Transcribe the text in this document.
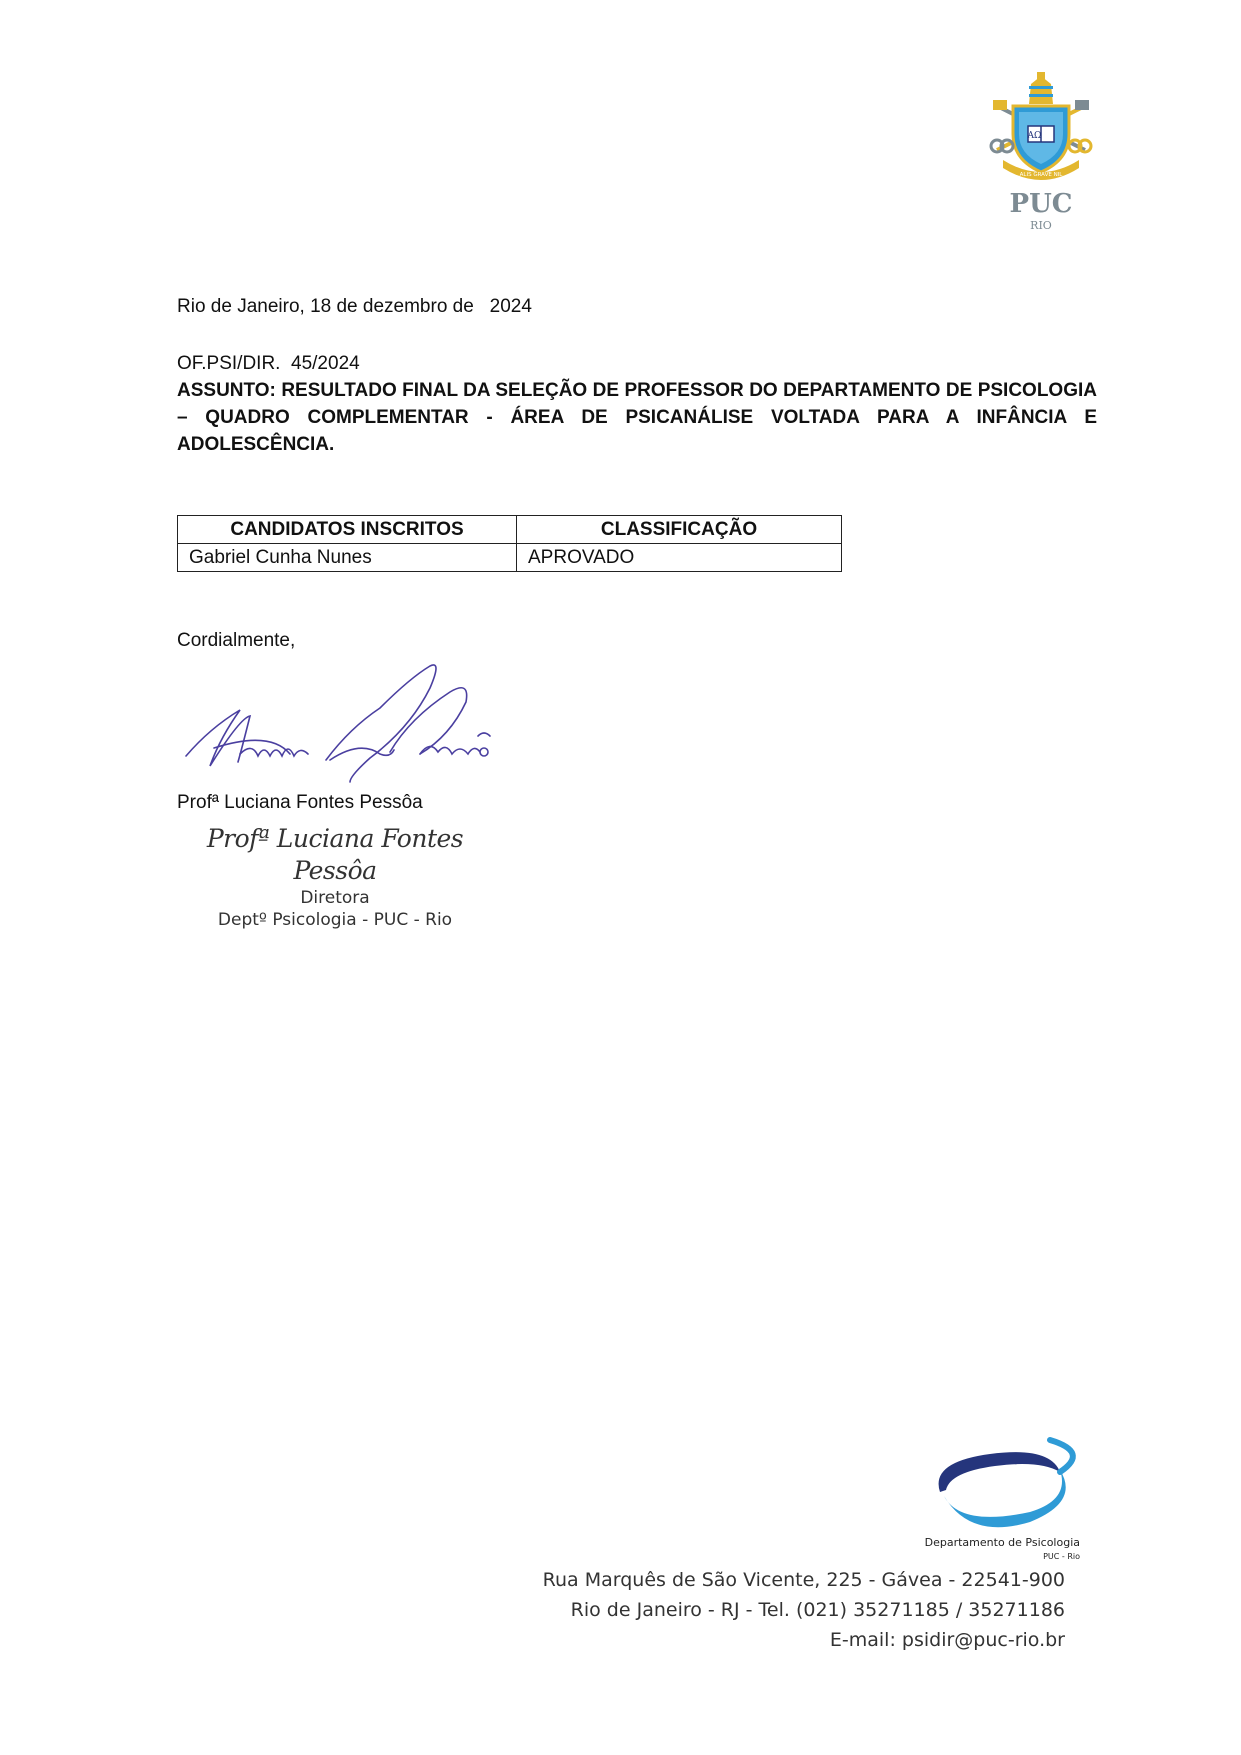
AΩ
ALIS GRAVE NIL
PUC
RIO
Rio de Janeiro, 18 de dezembro de   2024
OF.PSI/DIR.  45/2024
ASSUNTO: RESULTADO FINAL DA SELEÇÃO DE PROFESSOR DO DEPARTAMENTO DE PSICOLOGIA – QUADRO COMPLEMENTAR - ÁREA DE PSICANÁLISE VOLTADA PARA A INFÂNCIA E ADOLESCÊNCIA.
CANDIDATOS INSCRITOS	CLASSIFICAÇÃO
Gabriel Cunha Nunes	APROVADO
Cordialmente,
Profª Luciana Fontes Pessôa
Profª Luciana Fontes Pessôa
Diretora
Deptº Psicologia - PUC - Rio
Departamento de Psicologia
PUC - Rio
Rua Marquês de São Vicente, 225 - Gávea - 22541-900
Rio de Janeiro - RJ - Tel. (021) 35271185 / 35271186
E-mail: psidir@puc-rio.br
